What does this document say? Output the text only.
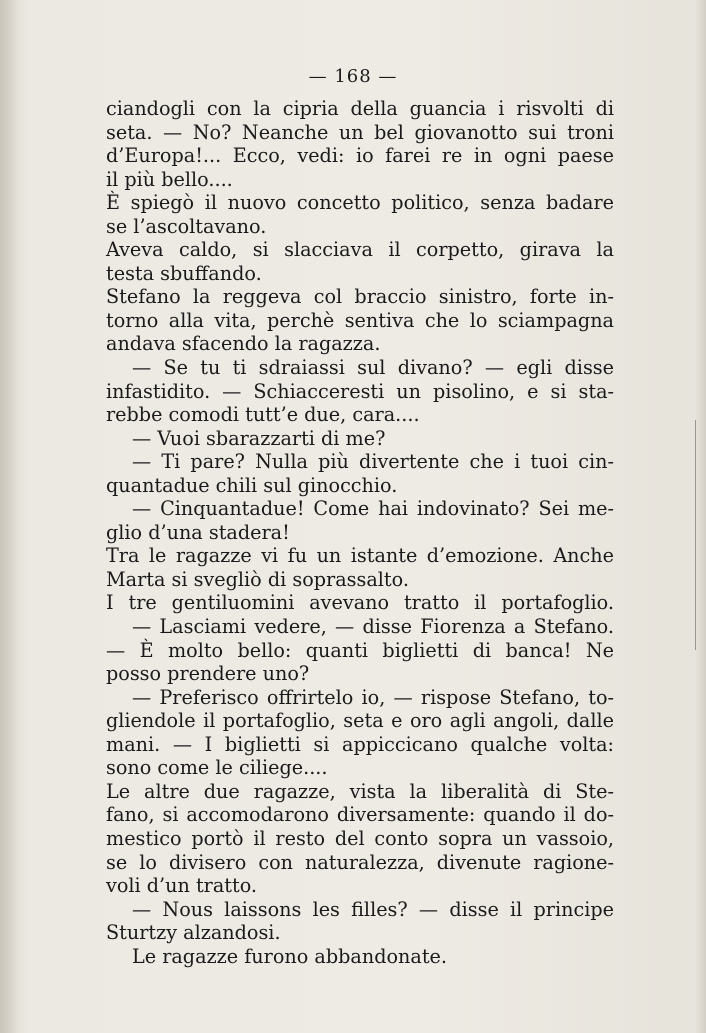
— 168 —
ciandogli con la cipria della guancia i risvolti di
seta. — No? Neanche un bel giovanotto sui troni
d’Europa!... Ecco, vedi: io farei re in ogni paese
il più bello....
È spiegò il nuovo concetto politico, senza badare
se l’ascoltavano.
Aveva caldo, si slacciava il corpetto, girava la
testa sbuffando.
Stefano la reggeva col braccio sinistro, forte in-
torno alla vita, perchè sentiva che lo sciampagna
andava sfacendo la ragazza.
— Se tu ti sdraiassi sul divano? — egli disse
infastidito. — Schiacceresti un pisolino, e si sta-
rebbe comodi tutt’e due, cara....
— Vuoi sbarazzarti di me?
— Ti pare? Nulla più divertente che i tuoi cin-
quantadue chili sul ginocchio.
— Cinquantadue! Come hai indovinato? Sei me-
glio d’una stadera!
Tra le ragazze vi fu un istante d’emozione. Anche
Marta si svegliò di soprassalto.
I tre gentiluomini avevano tratto il portafoglio.
— Lasciami vedere, — disse Fiorenza a Stefano.
— È molto bello: quanti biglietti di banca! Ne
posso prendere uno?
— Preferisco offrirtelo io, — rispose Stefano, to-
gliendole il portafoglio, seta e oro agli angoli, dalle
mani. — I biglietti si appiccicano qualche volta:
sono come le ciliege....
Le altre due ragazze, vista la liberalità di Ste-
fano, si accomodarono diversamente: quando il do-
mestico portò il resto del conto sopra un vassoio,
se lo divisero con naturalezza, divenute ragione-
voli d’un tratto.
— Nous laissons les filles? — disse il principe
Sturtzy alzandosi.
Le ragazze furono abbandonate.
